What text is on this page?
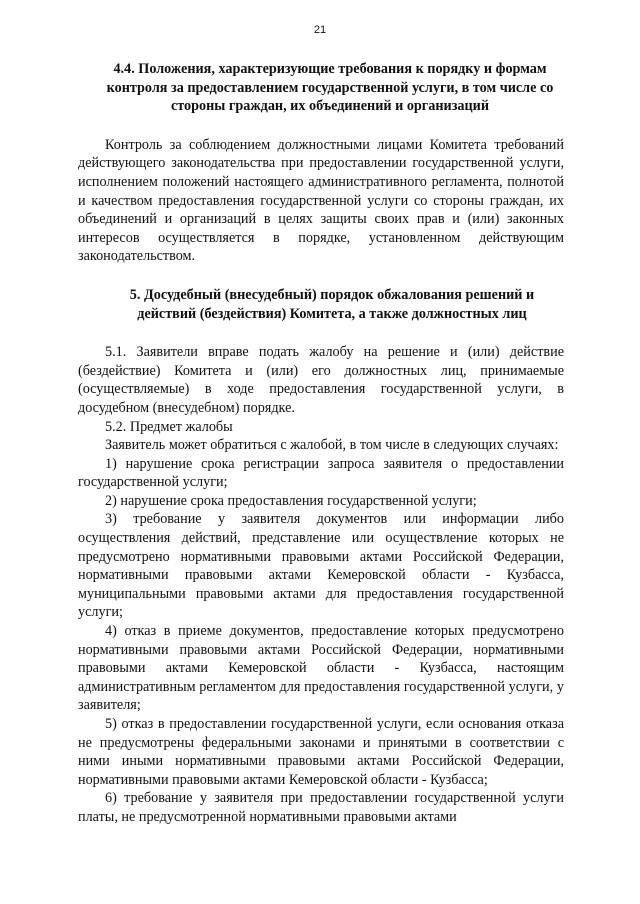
21
4.4. Положения, характеризующие требования к порядку и формам контроля за предоставлением государственной услуги, в том числе со стороны граждан, их объединений и организаций

Контроль за соблюдением должностными лицами Комитета требований действующего законодательства при предоставлении государственной услуги, исполнением положений настоящего административного регламента, полнотой и качеством предоставления государственной услуги со стороны граждан, их объединений и организаций в целях защиты своих прав и (или) законных интересов осуществляется в порядке, установленном действующим законодательством.

5. Досудебный (внесудебный) порядок обжалования решений и действий (бездействия) Комитета, а также должностных лиц

5.1. Заявители вправе подать жалобу на решение и (или) действие (бездействие) Комитета и (или) его должностных лиц, принимаемые (осуществляемые) в ходе предоставления государственной услуги, в досудебном (внесудебном) порядке.

5.2. Предмет жалобы

Заявитель может обратиться с жалобой, в том числе в следующих случаях:

1) нарушение срока регистрации запроса заявителя о предоставлении государственной услуги;

2) нарушение срока предоставления государственной услуги;

3) требование у заявителя документов или информации либо осуществления действий, представление или осуществление которых не предусмотрено нормативными правовыми актами Российской Федерации, нормативными правовыми актами Кемеровской области - Кузбасса, муниципальными правовыми актами для предоставления государственной услуги;

4) отказ в приеме документов, предоставление которых предусмотрено нормативными правовыми актами Российской Федерации, нормативными правовыми актами Кемеровской области - Кузбасса, настоящим административным регламентом для предоставления государственной услуги, у заявителя;

5) отказ в предоставлении государственной услуги, если основания отказа не предусмотрены федеральными законами и принятыми в соответствии с ними иными нормативными правовыми актами Российской Федерации, нормативными правовыми актами Кемеровской области - Кузбасса;

6) требование у заявителя при предоставлении государственной услуги платы, не предусмотренной нормативными правовыми актами
